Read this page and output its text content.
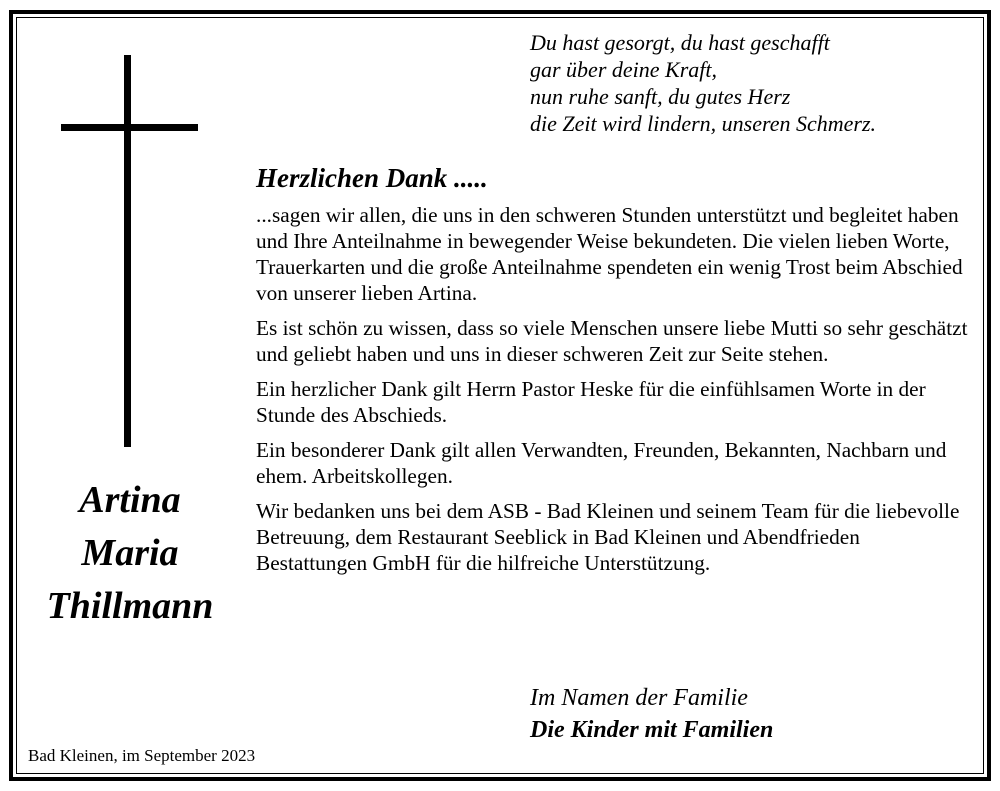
Du hast gesorgt, du hast geschafft
gar über deine Kraft,
nun ruhe sanft, du gutes Herz
die Zeit wird lindern, unseren Schmerz.
Herzlichen Dank .....

...sagen wir allen, die uns in den schweren Stunden unterstützt und begleitet haben und Ihre Anteilnahme in bewegender Weise bekundeten. Die vielen lieben Worte, Trauerkarten und die große Anteilnahme spendeten ein wenig Trost beim Abschied von unserer lieben Artina.

Es ist schön zu wissen, dass so viele Menschen unsere liebe Mutti so sehr geschätzt und geliebt haben und uns in dieser schweren Zeit zur Seite stehen.

Ein herzlicher Dank gilt Herrn Pastor Heske für die einfühlsamen Worte in der Stunde des Abschieds.

Ein besonderer Dank gilt allen Verwandten, Freunden, Bekannten, Nachbarn und ehem. Arbeitskollegen.

Wir bedanken uns bei dem ASB - Bad Kleinen und seinem Team für die liebevolle Betreuung, dem Restaurant Seeblick in Bad Kleinen und Abendfrieden Bestattungen GmbH für die hilfreiche Unterstützung.

Artina
Maria
Thillmann
Im Namen der Familie
Die Kinder mit Familien
Bad Kleinen, im September 2023
